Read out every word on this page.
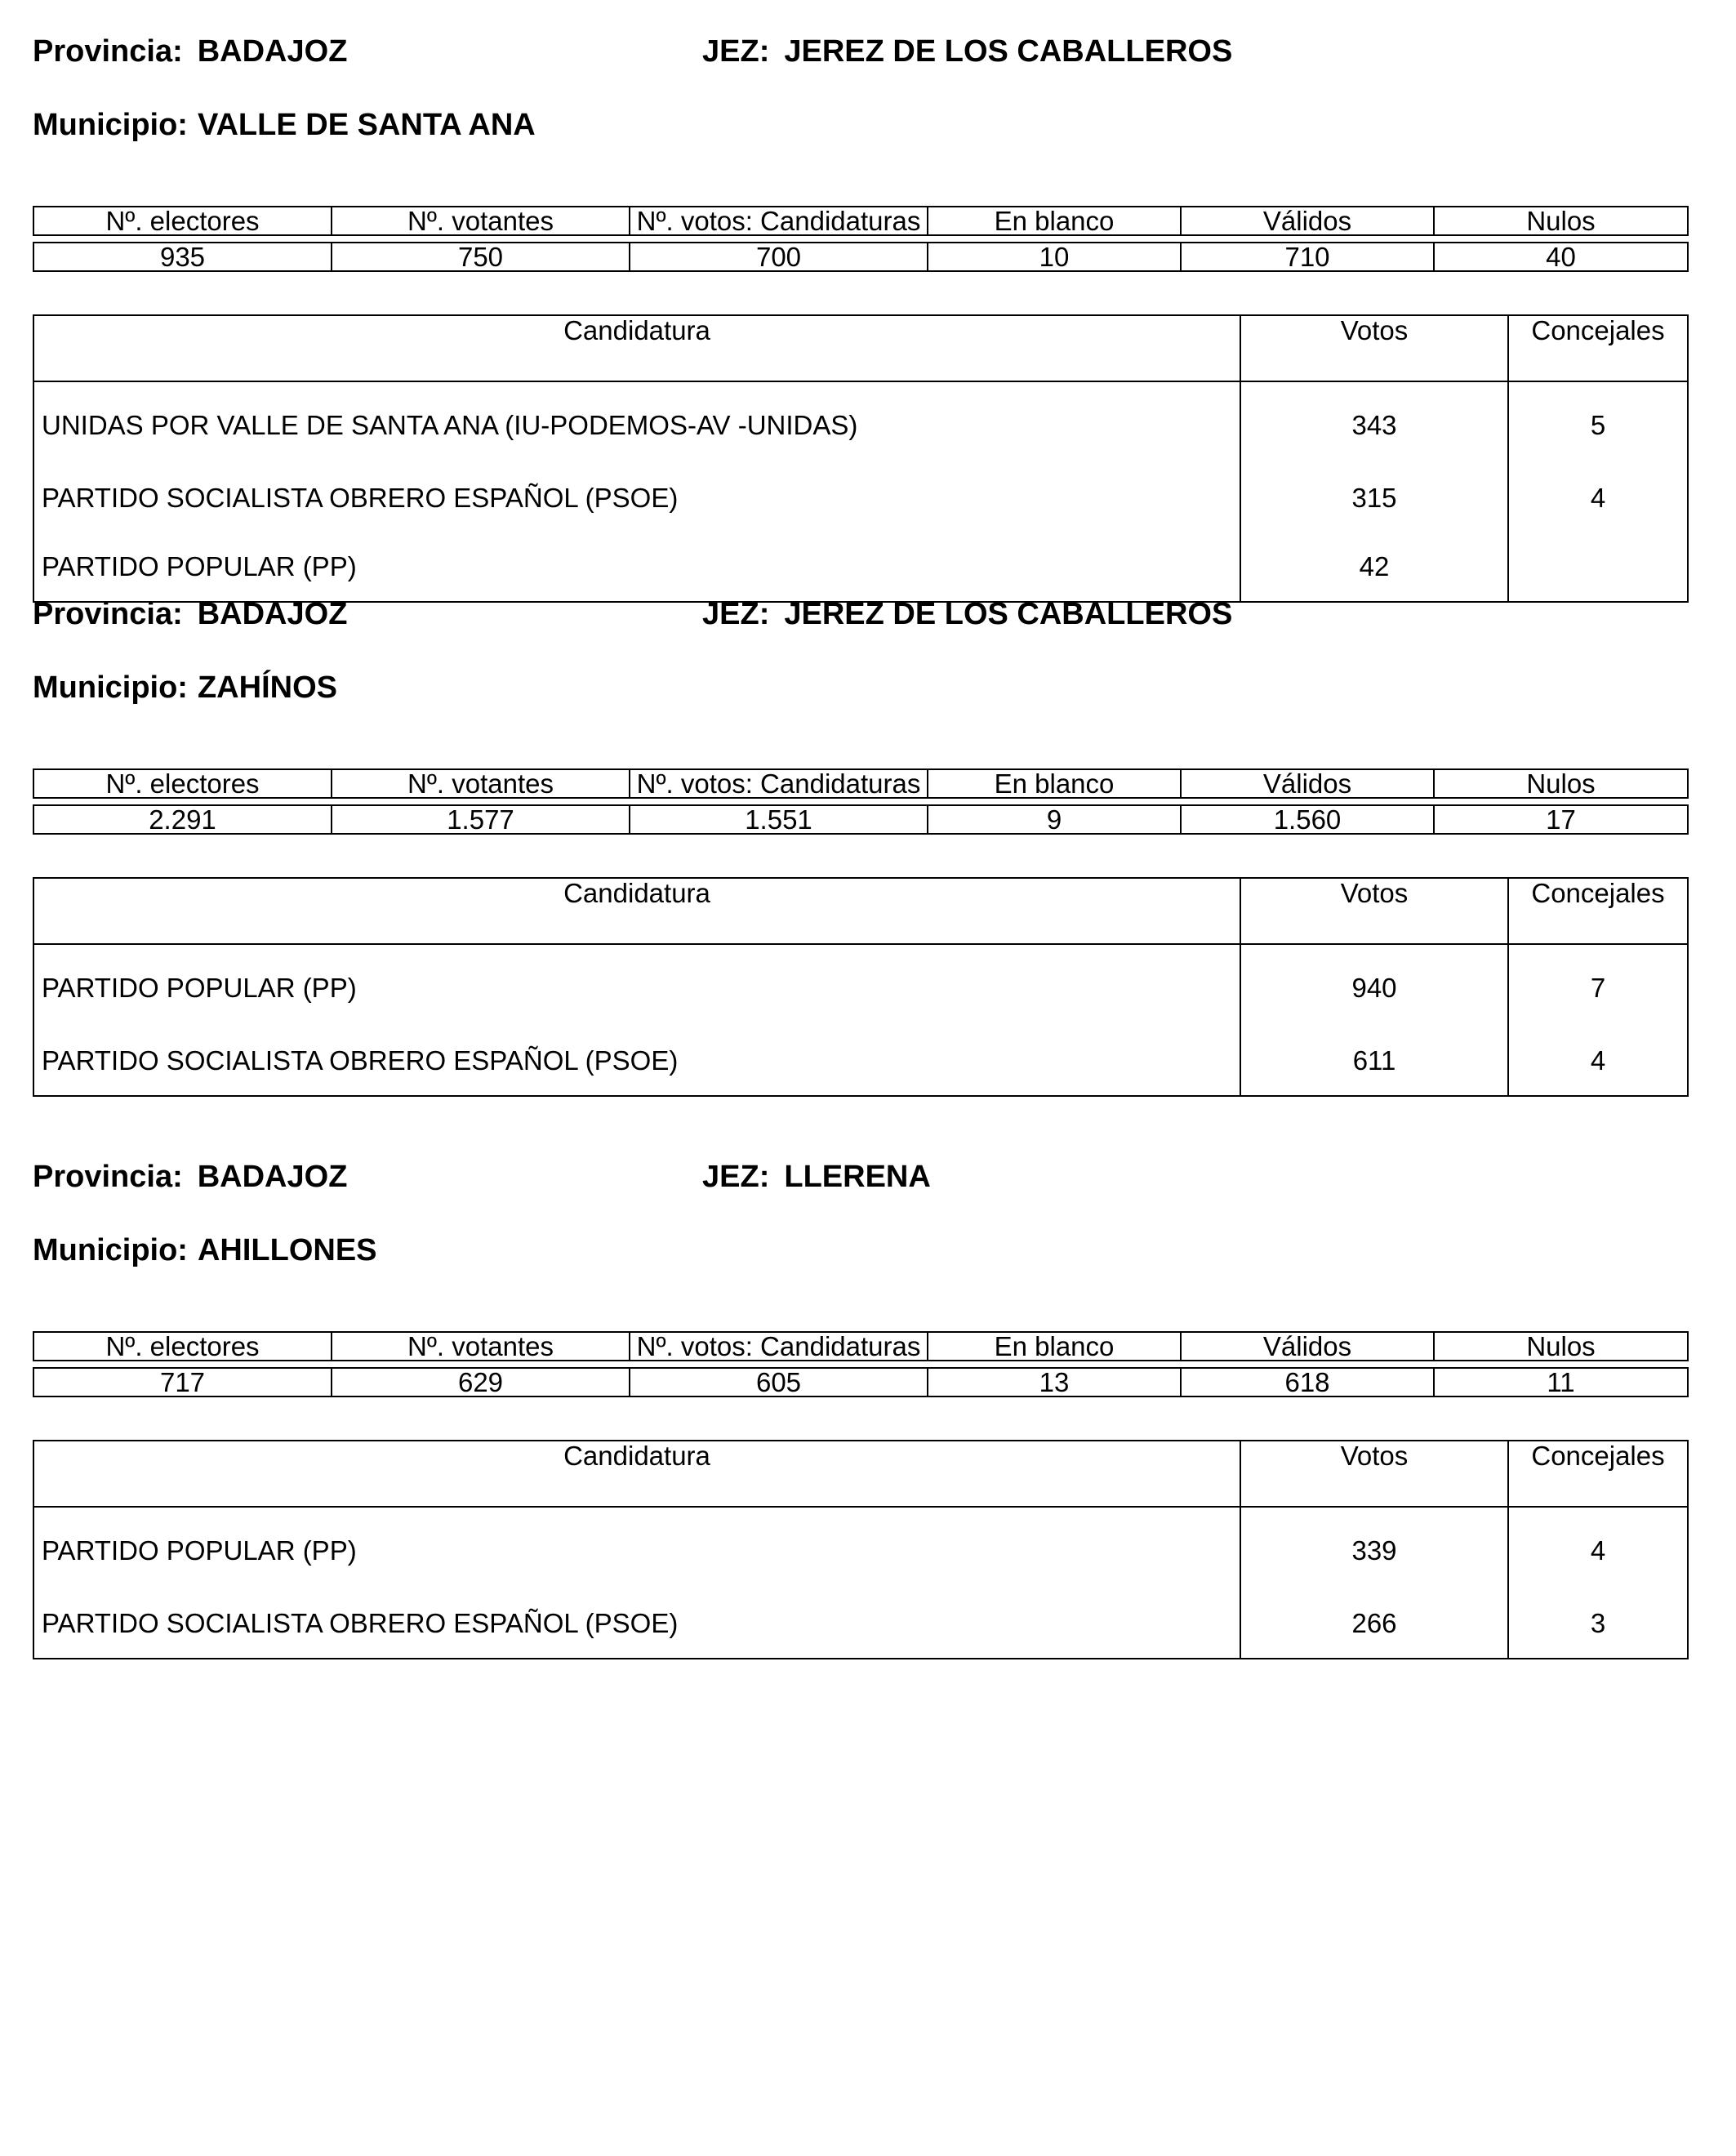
Provincia: BADAJOZ	JEZ: JEREZ DE LOS CABALLEROS
Municipio: VALLE DE SANTA ANA
Nº. electores	Nº. votantes	Nº. votos: Candidaturas	En blanco	Válidos	Nulos

935	750	700	10	710	40
Candidatura	Votos	Concejales
UNIDAS POR VALLE DE SANTA ANA (IU-PODEMOS-AV -UNIDAS)	343	5
PARTIDO SOCIALISTA OBRERO ESPAÑOL (PSOE)	315	4
PARTIDO POPULAR (PP)	42	
Provincia: BADAJOZ	JEZ: JEREZ DE LOS CABALLEROS
Municipio: ZAHÍNOS
Nº. electores	Nº. votantes	Nº. votos: Candidaturas	En blanco	Válidos	Nulos

2.291	1.577	1.551	9	1.560	17
Candidatura	Votos	Concejales
PARTIDO POPULAR (PP)	940	7
PARTIDO SOCIALISTA OBRERO ESPAÑOL (PSOE)	611	4
Provincia: BADAJOZ	JEZ: LLERENA
Municipio: AHILLONES
Nº. electores	Nº. votantes	Nº. votos: Candidaturas	En blanco	Válidos	Nulos

717	629	605	13	618	11
Candidatura	Votos	Concejales
PARTIDO POPULAR (PP)	339	4
PARTIDO SOCIALISTA OBRERO ESPAÑOL (PSOE)	266	3
